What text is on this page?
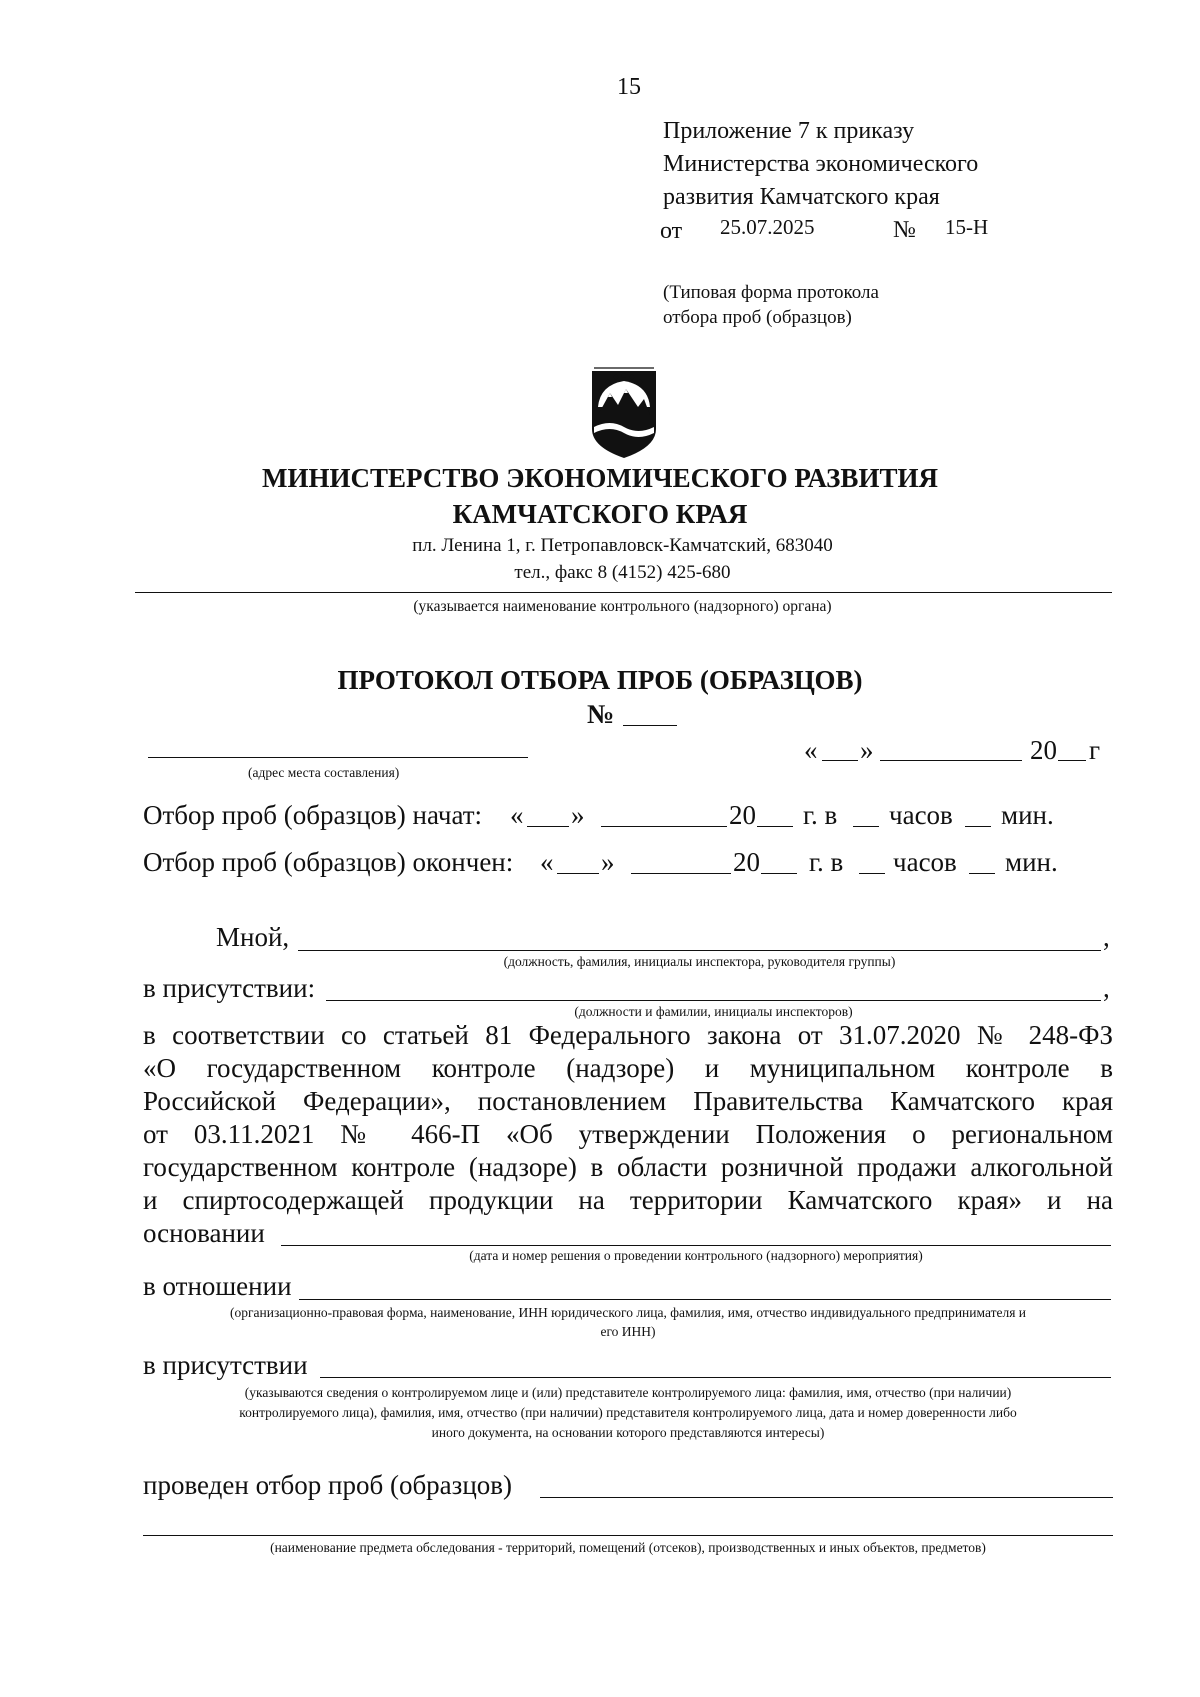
15
Приложение 7 к приказу
Министерства экономического
развития Камчатского края
от 25.07.2025	№ 15-Н
(Типовая форма протокола
отбора проб (образцов)
МИНИСТЕРСТВО ЭКОНОМИЧЕСКОГО РАЗВИТИЯ
КАМЧАТСКОГО КРАЯ
пл. Ленина 1, г. Петропавловск-Камчатский, 683040
тел., факс 8 (4152) 425-680
(указывается наименование контрольного (надзорного) органа)
ПРОТОКОЛ ОТБОРА ПРОБ (ОБРАЗЦОВ)
№
(адрес места составления)
« »	20 г
Отбор проб (образцов) начат: « »	20 г. в часов мин.
Отбор проб (образцов) окончен: « »	20 г. в часов мин.
Мной,	,
(должность, фамилия, инициалы инспектора, руководителя группы)
в присутствии:	,
(должности и фамилии, инициалы инспекторов)
в соответствии со статьей 81 Федерального закона от 31.07.2020 № 248-ФЗ
«О государственном контроле (надзоре) и муниципальном контроле в
Российской Федерации», постановлением Правительства Камчатского края
от 03.11.2021 № 466-П «Об утверждении Положения о региональном
государственном контроле (надзоре) в области розничной продажи алкогольной
и спиртосодержащей продукции на территории Камчатского края» и на
основании
(дата и номер решения о проведении контрольного (надзорного) мероприятия)
в отношении
(организационно-правовая форма, наименование, ИНН юридического лица, фамилия, имя, отчество индивидуального предпринимателя и
его ИНН)
в присутствии
(указываются сведения о контролируемом лице и (или) представителе контролируемого лица: фамилия, имя, отчество (при наличии)
контролируемого лица), фамилия, имя, отчество (при наличии) представителя контролируемого лица, дата и номер доверенности либо
иного документа, на основании которого представляются интересы)
проведен отбор проб (образцов)
(наименование предмета обследования - территорий, помещений (отсеков), производственных и иных объектов, предметов)
